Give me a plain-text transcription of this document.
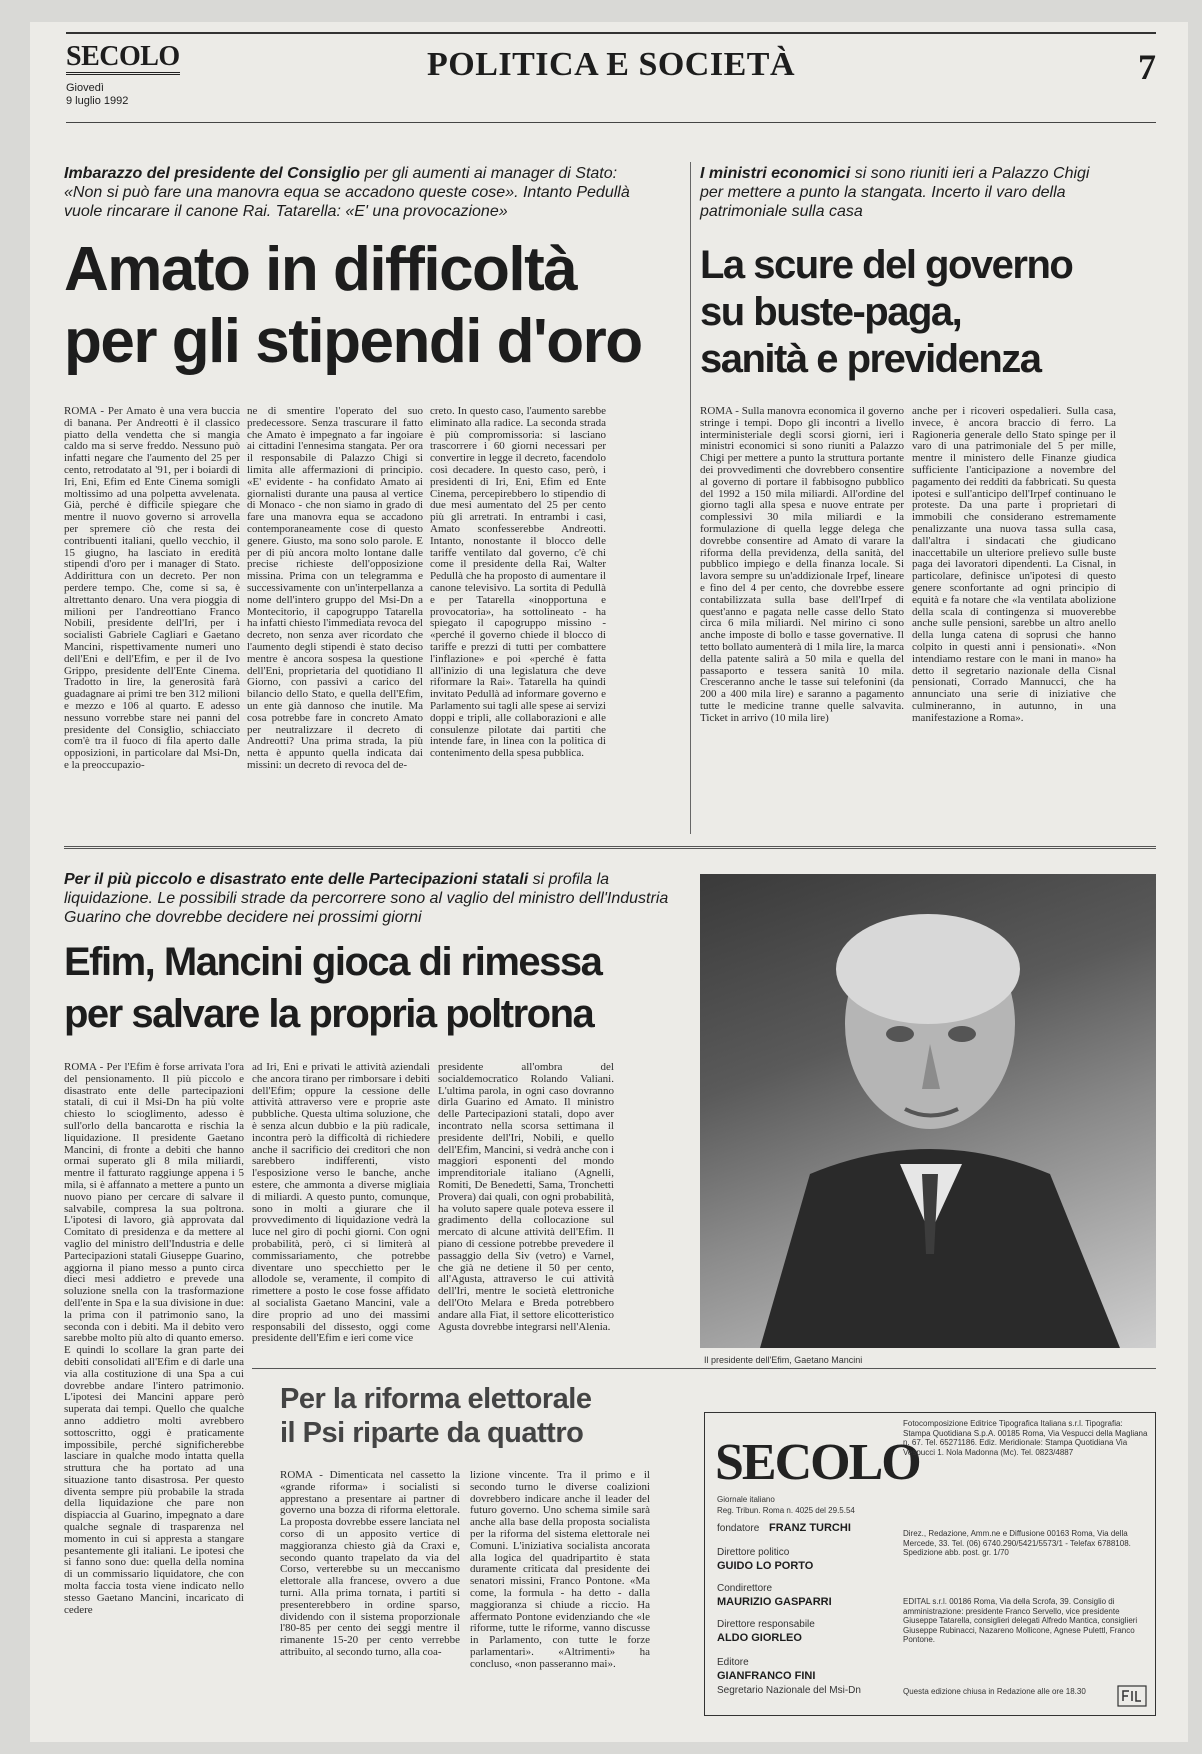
SECOLO
Giovedì
9 luglio 1992
POLITICA E SOCIETÀ	7
Imbarazzo del presidente del Consiglio per gli aumenti ai manager di Stato: «Non si può fare una manovra equa se accadono queste cose». Intanto Pedullà vuole rincarare il canone Rai. Tatarella: «E' una provocazione»
Amato in difficoltà
per gli stipendi d'oro
ROMA - Per Amato è una vera buccia di banana. Per Andreotti è il classico piatto della vendetta che si mangia caldo ma si serve freddo. Nessuno può infatti negare che l'aumento del 25 per cento, retrodatato al '91, per i boiardi di Iri, Eni, Efim ed Ente Cinema somigli moltissimo ad una polpetta avvelenata. Già, perché è difficile spiegare che mentre il nuovo governo si arrovella per spremere ciò che resta dei contribuenti italiani, quello vecchio, il 15 giugno, ha lasciato in eredità stipendi d'oro per i manager di Stato. Addirittura con un decreto. Per non perdere tempo. Che, come si sa, è altrettanto denaro. Una vera pioggia di milioni per l'andreottiano Franco Nobili, presidente dell'Iri, per i socialisti Gabriele Cagliari e Gaetano Mancini, rispettivamente numeri uno dell'Eni e dell'Efim, e per il de Ivo Grippo, presidente dell'Ente Cinema. Tradotto in lire, la generosità farà guadagnare ai primi tre ben 312 milioni e mezzo e 106 al quarto. E adesso nessuno vorrebbe stare nei panni del presidente del Consiglio, schiacciato com'è tra il fuoco di fila aperto dalle opposizioni, in particolare dal Msi-Dn, e la preoccupazio-
ne di smentire l'operato del suo predecessore. Senza trascurare il fatto che Amato è impegnato a far ingoiare ai cittadini l'ennesima stangata. Per ora il responsabile di Palazzo Chigi si limita alle affermazioni di principio. «E' evidente - ha confidato Amato ai giornalisti durante una pausa al vertice di Monaco - che non siamo in grado di fare una manovra equa se accadono contemporaneamente cose di questo genere. Giusto, ma sono solo parole. E per di più ancora molto lontane dalle precise richieste dell'opposizione missina. Prima con un telegramma e successivamente con un'interpellanza a nome dell'intero gruppo del Msi-Dn a Montecitorio, il capogruppo Tatarella ha infatti chiesto l'immediata revoca del decreto, non senza aver ricordato che l'aumento degli stipendi è stato deciso mentre è ancora sospesa la questione dell'Eni, proprietaria del quotidiano Il Giorno, con passivi a carico del bilancio dello Stato, e quella dell'Efim, un ente già dannoso che inutile. Ma cosa potrebbe fare in concreto Amato per neutralizzare il decreto di Andreotti? Una prima strada, la più netta è appunto quella indicata dai missini: un decreto di revoca del de-
creto. In questo caso, l'aumento sarebbe eliminato alla radice. La seconda strada è più compromissoria: si lasciano trascorrere i 60 giorni necessari per convertire in legge il decreto, facendolo così decadere. In questo caso, però, i presidenti di Iri, Eni, Efim ed Ente Cinema, percepirebbero lo stipendio di due mesi aumentato del 25 per cento più gli arretrati. In entrambi i casi, Amato sconfesserebbe Andreotti. Intanto, nonostante il blocco delle tariffe ventilato dal governo, c'è chi come il presidente della Rai, Walter Pedullà che ha proposto di aumentare il canone televisivo. La sortita di Pedullà e per Tatarella «inopportuna e provocatoria», ha sottolineato - ha spiegato il capogruppo missino - «perché il governo chiede il blocco di tariffe e prezzi di tutti per combattere l'inflazione» e poi «perché è fatta all'inizio di una legislatura che deve riformare la Rai». Tatarella ha quindi invitato Pedullà ad informare governo e Parlamento sui tagli alle spese ai servizi doppi e tripli, alle collaborazioni e alle consulenze pilotate dai partiti che intende fare, in linea con la politica di contenimento della spesa pubblica.
I ministri economici si sono riuniti ieri a Palazzo Chigi per mettere a punto la stangata. Incerto il varo della patrimoniale sulla casa
La scure del governo
su buste-paga,
sanità e previdenza
ROMA - Sulla manovra economica il governo stringe i tempi. Dopo gli incontri a livello interministeriale degli scorsi giorni, ieri i ministri economici si sono riuniti a Palazzo Chigi per mettere a punto la struttura portante dei provvedimenti che dovrebbero consentire al governo di portare il fabbisogno pubblico del 1992 a 150 mila miliardi. All'ordine del giorno tagli alla spesa e nuove entrate per complessivi 30 mila miliardi e la formulazione di quella legge delega che dovrebbe consentire ad Amato di varare la riforma della previdenza, della sanità, del pubblico impiego e della finanza locale. Si lavora sempre su un'addizionale Irpef, lineare e fino del 4 per cento, che dovrebbe essere contabilizzata sulla base dell'Irpef di quest'anno e pagata nelle casse dello Stato circa 6 mila miliardi. Nel mirino ci sono anche imposte di bollo e tasse governative. Il tetto bollato aumenterà di 1 mila lire, la marca della patente salirà a 50 mila e quella del passaporto e tessera sanità 10 mila. Cresceranno anche le tasse sui telefonini (da 200 a 400 mila lire) e saranno a pagamento tutte le medicine tranne quelle salvavita. Ticket in arrivo (10 mila lire)
anche per i ricoveri ospedalieri. Sulla casa, invece, è ancora braccio di ferro. La Ragioneria generale dello Stato spinge per il varo di una patrimoniale del 5 per mille, mentre il ministero delle Finanze giudica sufficiente l'anticipazione a novembre del pagamento dei redditi da fabbricati. Su questa ipotesi e sull'anticipo dell'Irpef continuano le proteste. Da una parte i proprietari di immobili che considerano estremamente penalizzante una nuova tassa sulla casa, dall'altra i sindacati che giudicano inaccettabile un ulteriore prelievo sulle buste paga dei lavoratori dipendenti. La Cisnal, in particolare, definisce un'ipotesi di questo genere sconfortante ad ogni principio di equità e fa notare che «la ventilata abolizione della scala di contingenza si muoverebbe anche sulle pensioni, sarebbe un altro anello della lunga catena di soprusi che hanno colpito in questi anni i pensionati». «Non intendiamo restare con le mani in mano» ha detto il segretario nazionale della Cisnal pensionati, Corrado Mannucci, che ha annunciato una serie di iniziative che culmineranno, in autunno, in una manifestazione a Roma».
Per il più piccolo e disastrato ente delle Partecipazioni statali si profila la liquidazione. Le possibili strade da percorrere sono al vaglio del ministro dell'Industria Guarino che dovrebbe decidere nei prossimi giorni
Efim, Mancini gioca di rimessa
per salvare la propria poltrona
ROMA - Per l'Efim è forse arrivata l'ora del pensionamento. Il più piccolo e disastrato ente delle partecipazioni statali, di cui il Msi-Dn ha più volte chiesto lo scioglimento, adesso è sull'orlo della bancarotta e rischia la liquidazione. Il presidente Gaetano Mancini, di fronte a debiti che hanno ormai superato gli 8 mila miliardi, mentre il fatturato raggiunge appena i 5 mila, si è affannato a mettere a punto un nuovo piano per cercare di salvare il salvabile, compresa la sua poltrona. L'ipotesi di lavoro, già approvata dal Comitato di presidenza e da mettere al vaglio del ministro dell'Industria e delle Partecipazioni statali Giuseppe Guarino, aggiorna il piano messo a punto circa dieci mesi addietro e prevede una soluzione snella con la trasformazione dell'ente in Spa e la sua divisione in due: la prima con il patrimonio sano, la seconda con i debiti. Ma il debito vero sarebbe molto più alto di quanto emerso. E quindi lo scollare la gran parte dei debiti consolidati all'Efim e di darle una via alla costituzione di una Spa a cui dovrebbe andare l'intero patrimonio. L'ipotesi dei Mancini appare però superata dai tempi. Quello che qualche anno addietro molti avrebbero sottoscritto, oggi è praticamente impossibile, perché significherebbe lasciare in qualche modo intatta quella struttura che ha portato ad una situazione tanto disastrosa. Per questo diventa sempre più probabile la strada della liquidazione che pare non dispiaccia al Guarino, impegnato a dare qualche segnale di trasparenza nel momento in cui si appresta a stangare pesantemente gli italiani. Le ipotesi che si fanno sono due: quella della nomina di un commissario liquidatore, che con molta faccia tosta viene indicato nello stesso Gaetano Mancini, incaricato di cedere
ad Iri, Eni e privati le attività aziendali che ancora tirano per rimborsare i debiti dell'Efim; oppure la cessione delle attività attraverso vere e proprie aste pubbliche. Questa ultima soluzione, che è senza alcun dubbio e la più radicale, incontra però la difficoltà di richiedere anche il sacrificio dei creditori che non sarebbero indifferenti, visto l'esposizione verso le banche, anche estere, che ammonta a diverse migliaia di miliardi. A questo punto, comunque, sono in molti a giurare che il provvedimento di liquidazione vedrà la luce nel giro di pochi giorni. Con ogni probabilità, però, ci si limiterà al commissariamento, che potrebbe diventare uno specchietto per le allodole se, veramente, il compito di rimettere a posto le cose fosse affidato al socialista Gaetano Mancini, vale a dire proprio ad uno dei massimi responsabili del dissesto, oggi come presidente dell'Efim e ieri come vice
presidente all'ombra del socialdemocratico Rolando Valiani. L'ultima parola, in ogni caso dovranno dirla Guarino ed Amato. Il ministro delle Partecipazioni statali, dopo aver incontrato nella scorsa settimana il presidente dell'Iri, Nobili, e quello dell'Efim, Mancini, si vedrà anche con i maggiori esponenti del mondo imprenditoriale italiano (Agnelli, Romiti, De Benedetti, Sama, Tronchetti Provera) dai quali, con ogni probabilità, ha voluto sapere quale poteva essere il gradimento della collocazione sul mercato di alcune attività dell'Efim. Il piano di cessione potrebbe prevedere il passaggio della Siv (vetro) e Varnel, che già ne detiene il 50 per cento, all'Agusta, attraverso le cui attività dell'Iri, mentre le società elettroniche dell'Oto Melara e Breda potrebbero andare alla Fiat, il settore elicotteristico Agusta dovrebbe integrarsi nell'Alenia.
Il presidente dell'Efim, Gaetano Mancini
Per la riforma elettorale
il Psi riparte da quattro
ROMA - Dimenticata nel cassetto la «grande riforma» i socialisti si apprestano a presentare ai partner di governo una bozza di riforma elettorale. La proposta dovrebbe essere lanciata nel corso di un apposito vertice di maggioranza chiesto già da Craxi e, secondo quanto trapelato da via del Corso, verterebbe su un meccanismo elettorale alla francese, ovvero a due turni. Alla prima tornata, i partiti si presenterebbero in ordine sparso, dividendo con il sistema proporzionale l'80-85 per cento dei seggi mentre il rimanente 15-20 per cento verrebbe attribuito, al secondo turno, alla coa-
lizione vincente. Tra il primo e il secondo turno le diverse coalizioni dovrebbero indicare anche il leader del futuro governo. Uno schema simile sarà anche alla base della proposta socialista per la riforma del sistema elettorale nei Comuni. L'iniziativa socialista ancorata alla logica del quadripartito è stata duramente criticata dal presidente dei senatori missini, Franco Pontone. «Ma come, la formula - ha detto - dalla maggioranza si chiude a riccio. Ha affermato Pontone evidenziando che «le riforme, tutte le riforme, vanno discusse in Parlamento, con tutte le forze parlamentari». «Altrimenti» ha concluso, «non passeranno mai».
SECOLO
Giornale italiano
Reg. Tribun. Roma n. 4025 del 29.5.54
fondatore FRANZ TURCHI
Direttore politico
GUIDO LO PORTO
Condirettore
MAURIZIO GASPARRI
Direttore responsabile
ALDO GIORLEO
Editore
GIANFRANCO FINI
Segretario Nazionale del Msi-Dn
Fotocomposizione Editrice Tipografica Italiana s.r.l. Tipografia: Stampa Quotidiana S.p.A. 00185 Roma, Via Vespucci della Magliana n. 67. Tel. 65271186. Ediz. Meridionale: Stampa Quotidiana Via Vespucci 1. Nola Madonna (Mc). Tel. 0823/4887
Direz., Redazione, Amm.ne e Diffusione 00163 Roma, Via della Mercede, 33. Tel. (06) 6740.290/5421/5573/1 - Telefax 6788108. Spedizione abb. post. gr. 1/70
EDITAL s.r.l. 00186 Roma, Via della Scrofa, 39. Consiglio di amministrazione: presidente Franco Servello, vice presidente Giuseppe Tatarella, consiglieri delegati Alfredo Mantica, consiglieri Giuseppe Rubinacci, Nazareno Mollicone, Agnese Pulettl, Franco Pontone.
Questa edizione chiusa in Redazione alle ore 18.30
